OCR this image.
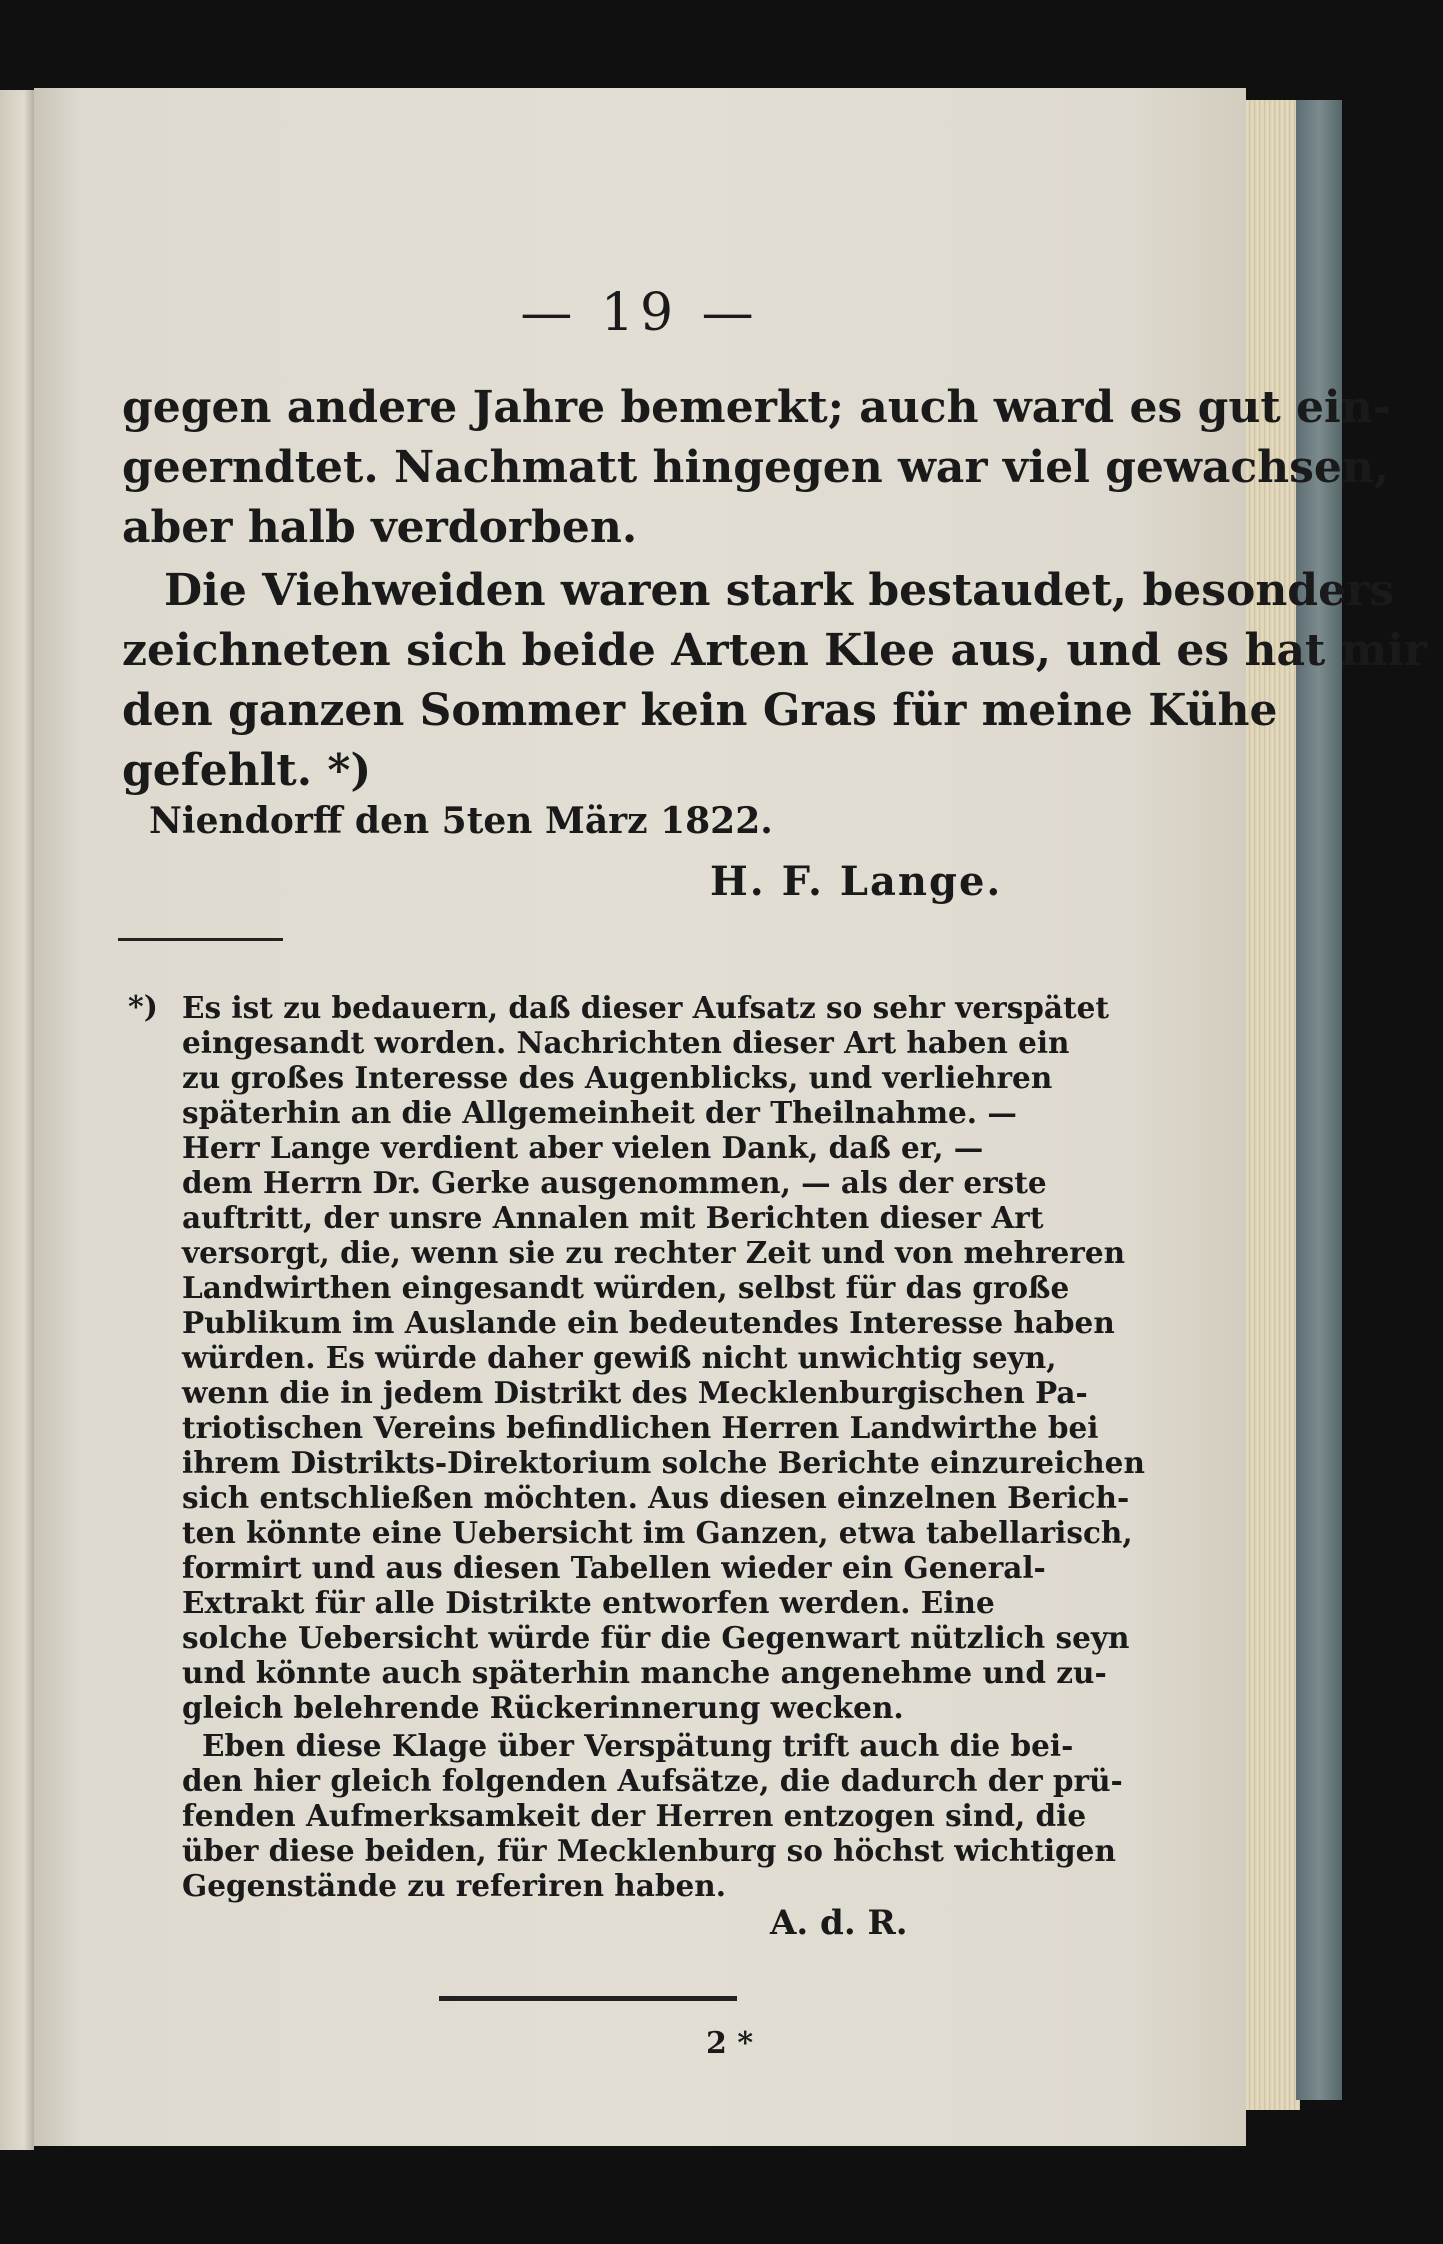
— 19 —
gegen andere Jahre bemerkt; auch ward es gut ein-
geerndtet. Nachmatt hingegen war viel gewachsen,
aber halb verdorben.
Die Viehweiden waren stark bestaudet, besonders
zeichneten sich beide Arten Klee aus, und es hat mir
den ganzen Sommer kein Gras für meine Kühe
gefehlt. *)
Niendorff den 5ten März 1822.
H. F. Lange.
*) Es ist zu bedauern, daß dieser Aufsatz so sehr verspätet
eingesandt worden. Nachrichten dieser Art haben ein
zu großes Interesse des Augenblicks, und verliehren
späterhin an die Allgemeinheit der Theilnahme. —
Herr Lange verdient aber vielen Dank, daß er, —
dem Herrn Dr. Gerke ausgenommen, — als der erste
auftritt, der unsre Annalen mit Berichten dieser Art
versorgt, die, wenn sie zu rechter Zeit und von mehreren
Landwirthen eingesandt würden, selbst für das große
Publikum im Auslande ein bedeutendes Interesse haben
würden. Es würde daher gewiß nicht unwichtig seyn,
wenn die in jedem Distrikt des Mecklenburgischen Pa-
triotischen Vereins befindlichen Herren Landwirthe bei
ihrem Distrikts-Direktorium solche Berichte einzureichen
sich entschließen möchten. Aus diesen einzelnen Berich-
ten könnte eine Uebersicht im Ganzen, etwa tabellarisch,
formirt und aus diesen Tabellen wieder ein General-
Extrakt für alle Distrikte entworfen werden. Eine
solche Uebersicht würde für die Gegenwart nützlich seyn
und könnte auch späterhin manche angenehme und zu-
gleich belehrende Rückerinnerung wecken.
Eben diese Klage über Verspätung trift auch die bei-
den hier gleich folgenden Aufsätze, die dadurch der prü-
fenden Aufmerksamkeit der Herren entzogen sind, die
über diese beiden, für Mecklenburg so höchst wichtigen
Gegenstände zu referiren haben.
A. d. R.
2 *
